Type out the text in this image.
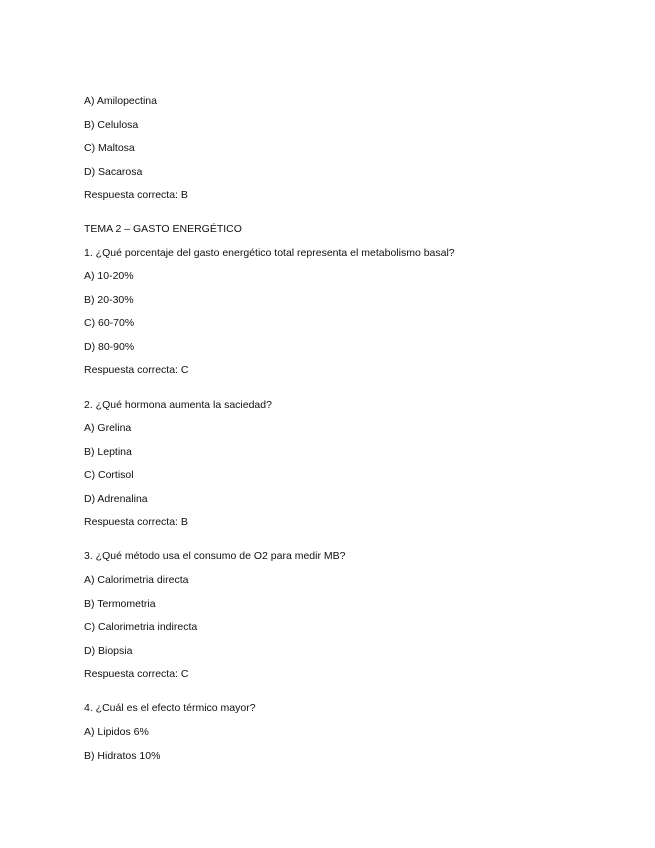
A) Amilopectina
B) Celulosa
C) Maltosa
D) Sacarosa
Respuesta correcta: B
TEMA 2 – GASTO ENERGÉTICO
1. ¿Qué porcentaje del gasto energético total representa el metabolismo basal?
A) 10-20%
B) 20-30%
C) 60-70%
D) 80-90%
Respuesta correcta: C
2. ¿Qué hormona aumenta la saciedad?
A) Grelina
B) Leptina
C) Cortisol
D) Adrenalina
Respuesta correcta: B
3. ¿Qué método usa el consumo de O2 para medir MB?
A) Calorimetria directa
B) Termometria
C) Calorimetria indirecta
D) Biopsia
Respuesta correcta: C
4. ¿Cuál es el efecto térmico mayor?
A) Lipidos 6%
B) Hidratos 10%
